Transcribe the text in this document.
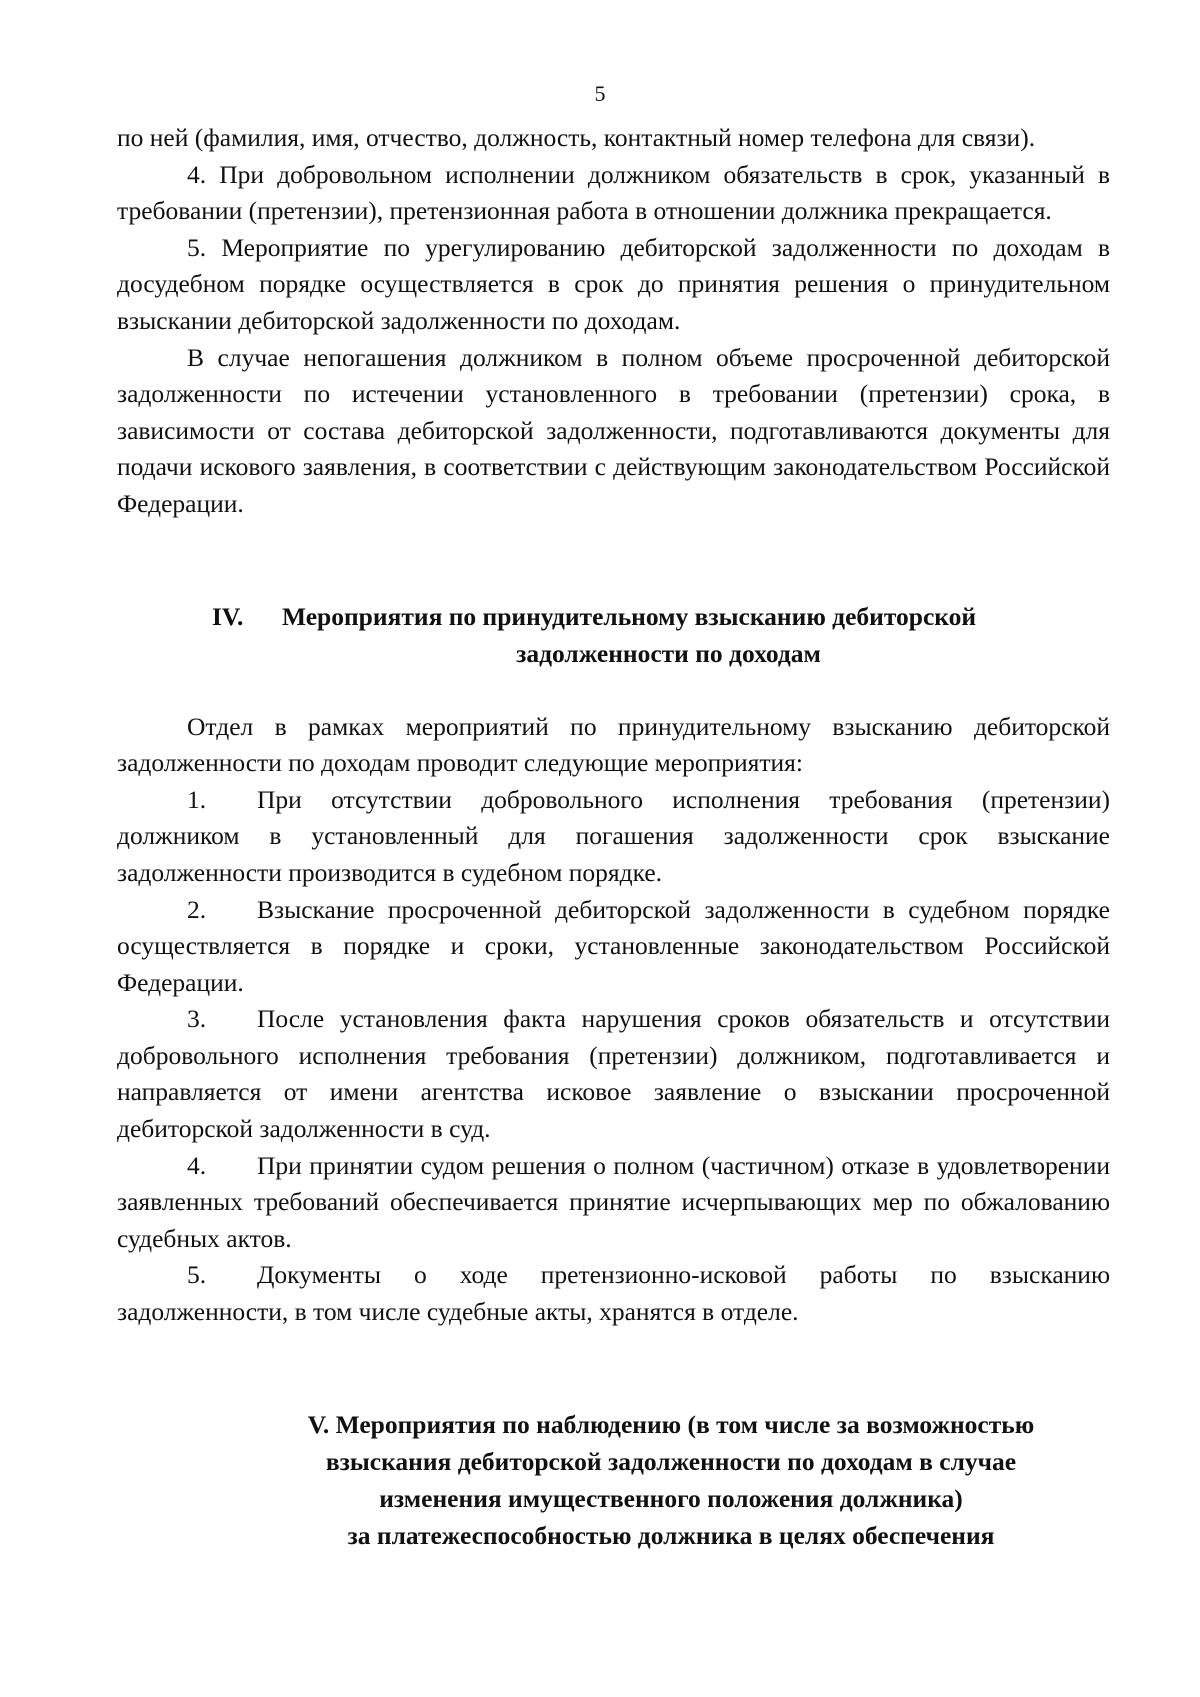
5

по ней (фамилия, имя, отчество, должность, контактный номер телефона для связи).

4. При добровольном исполнении должником обязательств в срок, указанный в требовании (претензии), претензионная работа в отношении должника прекращается.

5. Мероприятие по урегулированию дебиторской задолженности по доходам в досудебном порядке осуществляется в срок до принятия решения о принудительном взыскании дебиторской задолженности по доходам.

В случае непогашения должником в полном объеме просроченной дебиторской задолженности по истечении установленного в требовании (претензии) срока, в зависимости от состава дебиторской задолженности, подготавливаются документы для подачи искового заявления, в соответствии с действующим законодательством Российской Федерации.

IV. Мероприятия по принудительному взысканию дебиторской
задолженности по доходам

Отдел в рамках мероприятий по принудительному взысканию дебиторской задолженности по доходам проводит следующие мероприятия:

1. При отсутствии добровольного исполнения требования (претензии) должником в установленный для погашения задолженности срок взыскание задолженности производится в судебном порядке.

2. Взыскание просроченной дебиторской задолженности в судебном порядке осуществляется в порядке и сроки, установленные законодательством Российской Федерации.

3. После установления факта нарушения сроков обязательств и отсутствии добровольного исполнения требования (претензии) должником, подготавливается и направляется от имени агентства исковое заявление о взыскании просроченной дебиторской задолженности в суд.

4. При принятии судом решения о полном (частичном) отказе в удовлетворении заявленных требований обеспечивается принятие исчерпывающих мер по обжалованию судебных актов.

5. Документы о ходе претензионно-исковой работы по взысканию задолженности, в том числе судебные акты, хранятся в отделе.

V. Мероприятия по наблюдению (в том числе за возможностью
взыскания дебиторской задолженности по доходам в случае
изменения имущественного положения должника)
за платежеспособностью должника в целях обеспечения
